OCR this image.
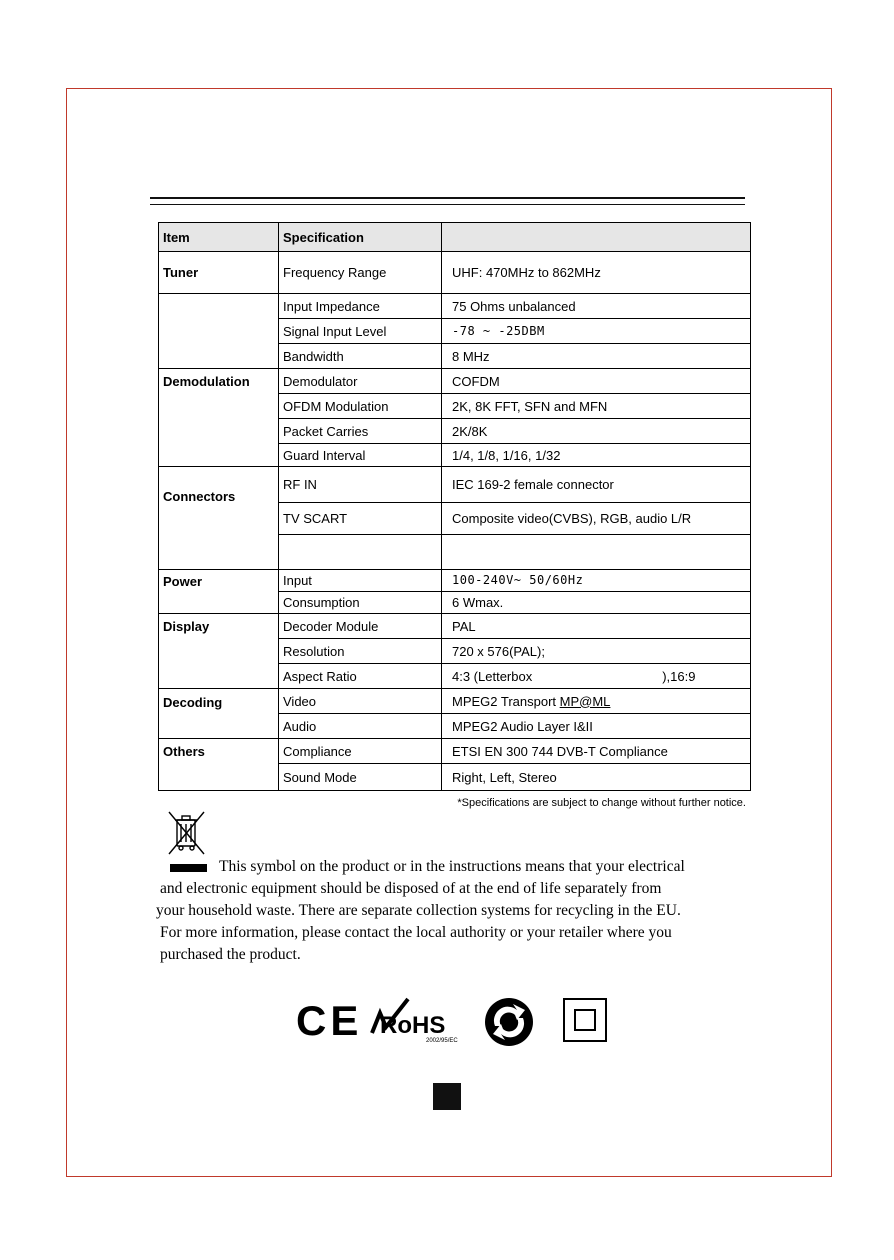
Item	Specification	
Tuner	Frequency Range	UHF: 470MHz to 862MHz
	Input Impedance	75 Ohms unbalanced
	Signal Input Level	-78 ~ -25DBM
	Bandwidth	8 MHz
Demodulation	Demodulator	COFDM
	OFDM Modulation	2K, 8K FFT, SFN and MFN
	Packet Carries	2K/8K
	Guard Interval	1/4, 1/8, 1/16, 1/32
Connectors	RF IN	IEC 169-2 female connector
	TV SCART	Composite video(CVBS), RGB, audio L/R

Power	Input	100-240V~ 50/60Hz
	Consumption	6 Wmax.
Display	Decoder Module	PAL
	Resolution	720 x 576(PAL);
	Aspect Ratio	4:3 (Letterbox ),16:9
Decoding	Video	MPEG2 Transport MP@ML
	Audio	MPEG2 Audio Layer I&II
Others	Compliance	ETSI EN 300 744 DVB-T Compliance
	Sound Mode	Right, Left, Stereo
*Specifications are subject to change without further notice.

This symbol on the product or in the instructions means that your electrical

and electronic equipment should be disposed of at the end of life separately from

your household waste. There are separate collection systems for recycling in the EU.

For more information, please contact the local authority or your retailer where you

purchased the product.

CE RoHS
2002/95/EC
